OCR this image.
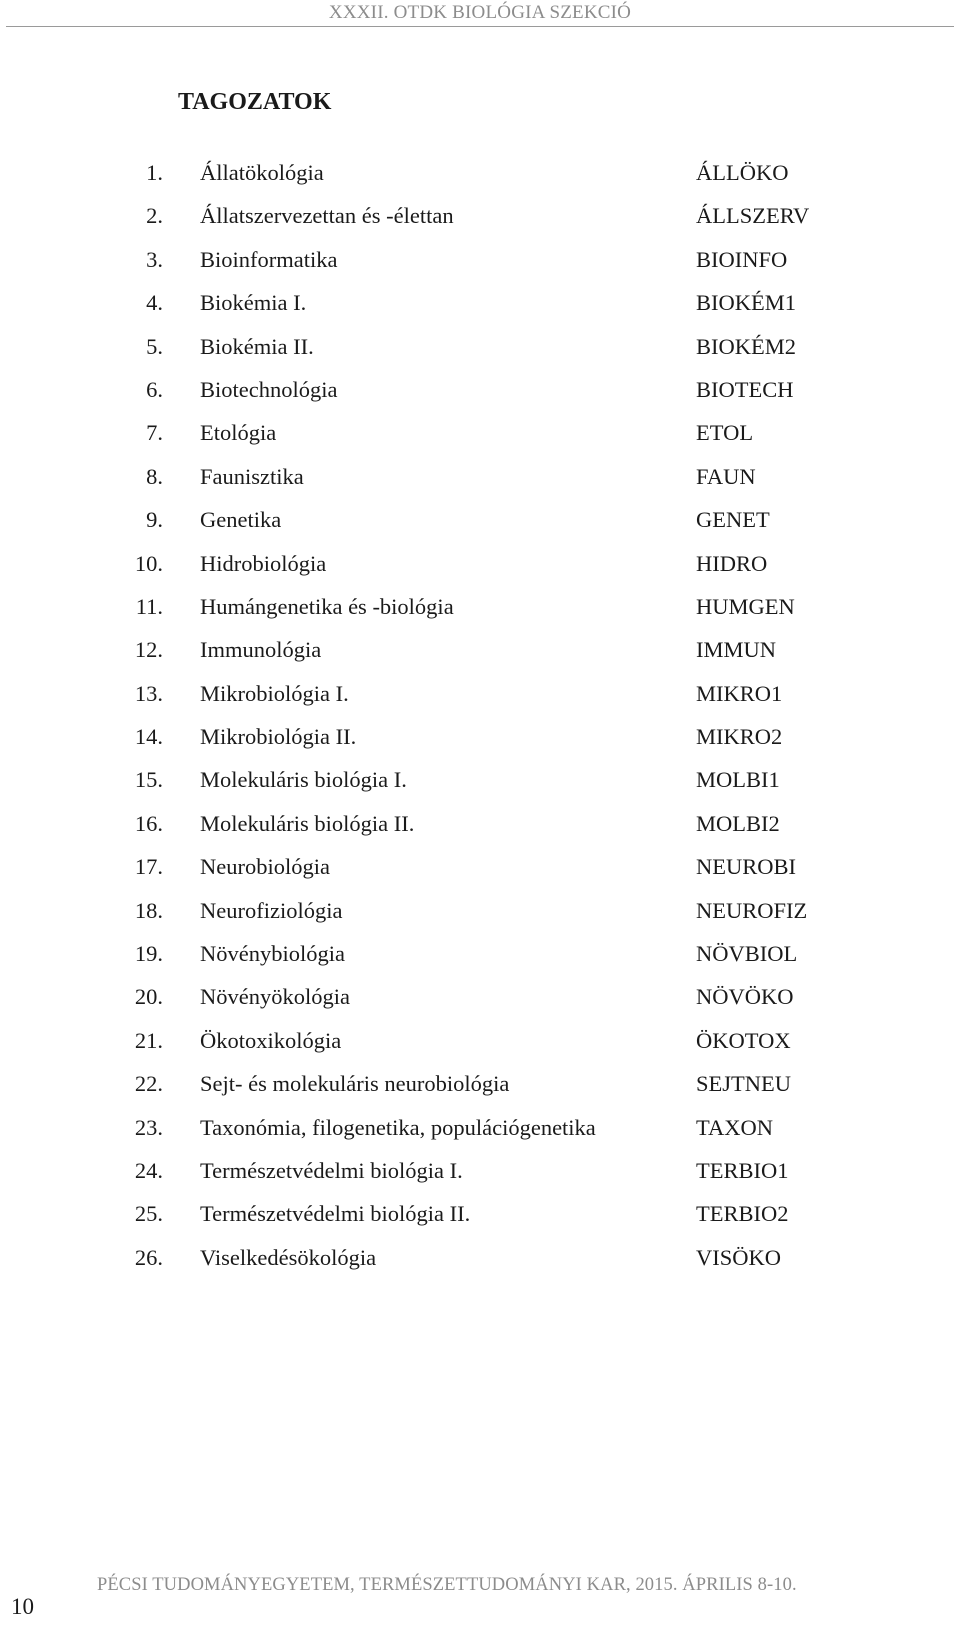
XXXII. OTDK BIOLÓGIA SZEKCIÓ
TAGOZATOK
1. Állatökológia	ÁLLÖKO
2. Állatszervezettan és -élettan	ÁLLSZERV
3. Bioinformatika	BIOINFO
4. Biokémia I.	BIOKÉM1
5. Biokémia II.	BIOKÉM2
6. Biotechnológia	BIOTECH
7. Etológia	ETOL
8. Faunisztika	FAUN
9. Genetika	GENET
10. Hidrobiológia	HIDRO
11. Humángenetika és -biológia	HUMGEN
12. Immunológia	IMMUN
13. Mikrobiológia I.	MIKRO1
14. Mikrobiológia II.	MIKRO2
15. Molekuláris biológia I.	MOLBI1
16. Molekuláris biológia II.	MOLBI2
17. Neurobiológia	NEUROBI
18. Neurofiziológia	NEUROFIZ
19. Növénybiológia	NÖVBIOL
20. Növényökológia	NÖVÖKO
21. Ökotoxikológia	ÖKOTOX
22. Sejt- és molekuláris neurobiológia	SEJTNEU
23. Taxonómia, filogenetika, populációgenetika	TAXON
24. Természetvédelmi biológia I.	TERBIO1
25. Természetvédelmi biológia II.	TERBIO2
26. Viselkedésökológia	VISÖKO
PÉCSI TUDOMÁNYEGYETEM, TERMÉSZETTUDOMÁNYI KAR, 2015. ÁPRILIS 8-10.
10
